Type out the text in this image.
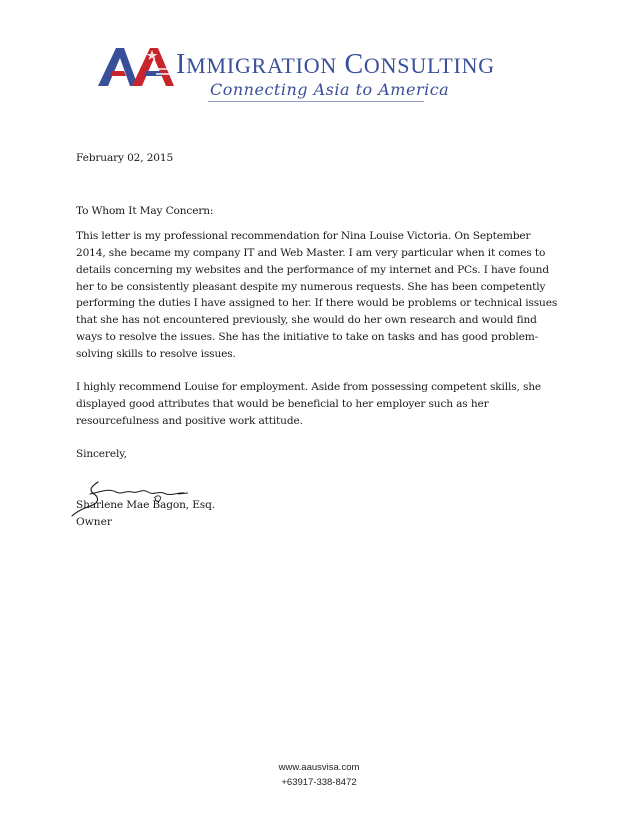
IMMIGRATION CONSULTING
Connecting Asia to America

February 02, 2015

To Whom It May Concern:

This letter is my professional recommendation for Nina Louise Victoria. On September 2014, she became my company IT and Web Master. I am very particular when it comes to details concerning my websites and the performance of my internet and PCs. I have found her to be consistently pleasant despite my numerous requests. She has been competently performing the duties I have assigned to her. If there would be problems or technical issues that she has not encountered previously, she would do her own research and would find ways to resolve the issues. She has the initiative to take on tasks and has good problem-solving skills to resolve issues.

I highly recommend Louise for employment. Aside from possessing competent skills, she displayed good attributes that would be beneficial to her employer such as her resourcefulness and positive work attitude.

Sincerely,

Sharlene Mae Bagon, Esq.
Owner
www.aausvisa.com
+63917-338-8472
